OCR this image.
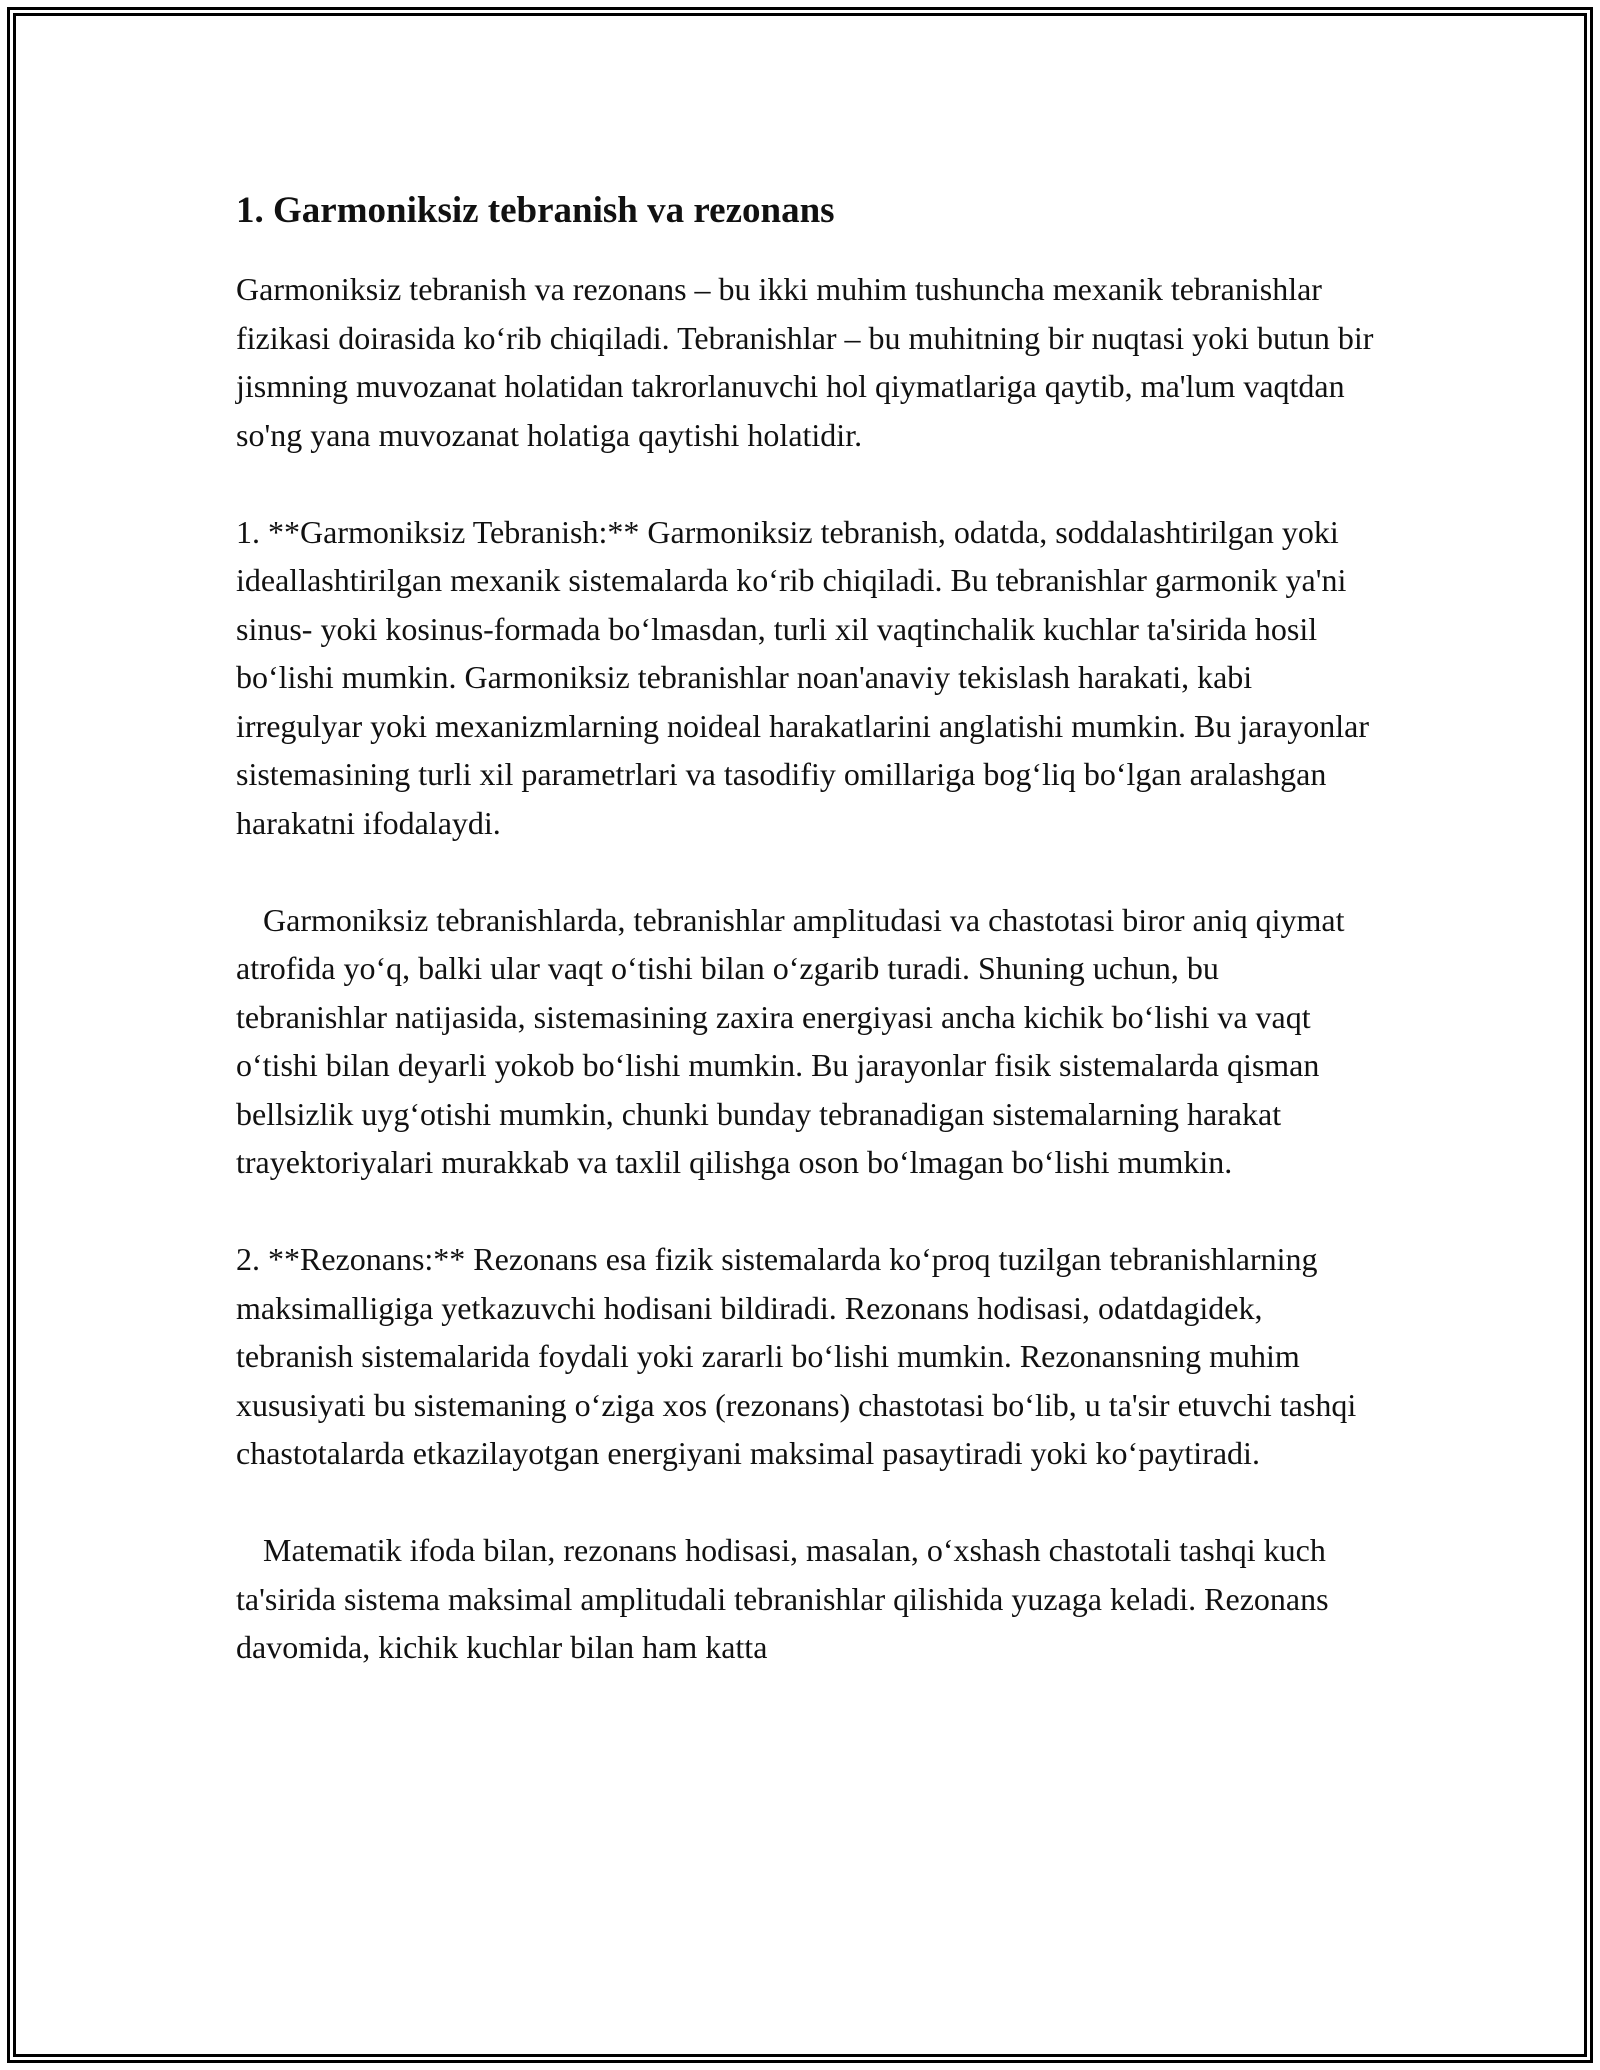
1. Garmoniksiz tebranish va rezonans

Garmoniksiz tebranish va rezonans – bu ikki muhim tushuncha mexanik tebranishlar fizikasi doirasida ko‘rib chiqiladi. Tebranishlar – bu muhitning bir nuqtasi yoki butun bir jismning muvozanat holatidan takrorlanuvchi hol qiymatlariga qaytib, ma'lum vaqtdan so'ng yana muvozanat holatiga qaytishi holatidir.

1. **Garmoniksiz Tebranish:** Garmoniksiz tebranish, odatda, soddalashtirilgan yoki ideallashtirilgan mexanik sistemalarda ko‘rib chiqiladi. Bu tebranishlar garmonik ya'ni sinus- yoki kosinus-formada bo‘lmasdan, turli xil vaqtinchalik kuchlar ta'sirida hosil bo‘lishi mumkin. Garmoniksiz tebranishlar noan'anaviy tekislash harakati, kabi irregulyar yoki mexanizmlarning noideal harakatlarini anglatishi mumkin. Bu jarayonlar sistemasining turli xil parametrlari va tasodifiy omillariga bog‘liq bo‘lgan aralashgan harakatni ifodalaydi.

Garmoniksiz tebranishlarda, tebranishlar amplitudasi va chastotasi biror aniq qiymat atrofida yo‘q, balki ular vaqt o‘tishi bilan o‘zgarib turadi. Shuning uchun, bu tebranishlar natijasida, sistemasining zaxira energiyasi ancha kichik bo‘lishi va vaqt o‘tishi bilan deyarli yokob bo‘lishi mumkin. Bu jarayonlar fisik sistemalarda qisman bellsizlik uyg‘otishi mumkin, chunki bunday tebranadigan sistemalarning harakat trayektoriyalari murakkab va taxlil qilishga oson bo‘lmagan bo‘lishi mumkin.

2. **Rezonans:** Rezonans esa fizik sistemalarda ko‘proq tuzilgan tebranishlarning maksimalligiga yetkazuvchi hodisani bildiradi. Rezonans hodisasi, odatdagidek, tebranish sistemalarida foydali yoki zararli bo‘lishi mumkin. Rezonansning muhim xususiyati bu sistemaning o‘ziga xos (rezonans) chastotasi bo‘lib, u ta'sir etuvchi tashqi chastotalarda etkazilayotgan energiyani maksimal pasaytiradi yoki ko‘paytiradi.

Matematik ifoda bilan, rezonans hodisasi, masalan, o‘xshash chastotali tashqi kuch ta'sirida sistema maksimal amplitudali tebranishlar qilishida yuzaga keladi. Rezonans davomida, kichik kuchlar bilan ham katta
